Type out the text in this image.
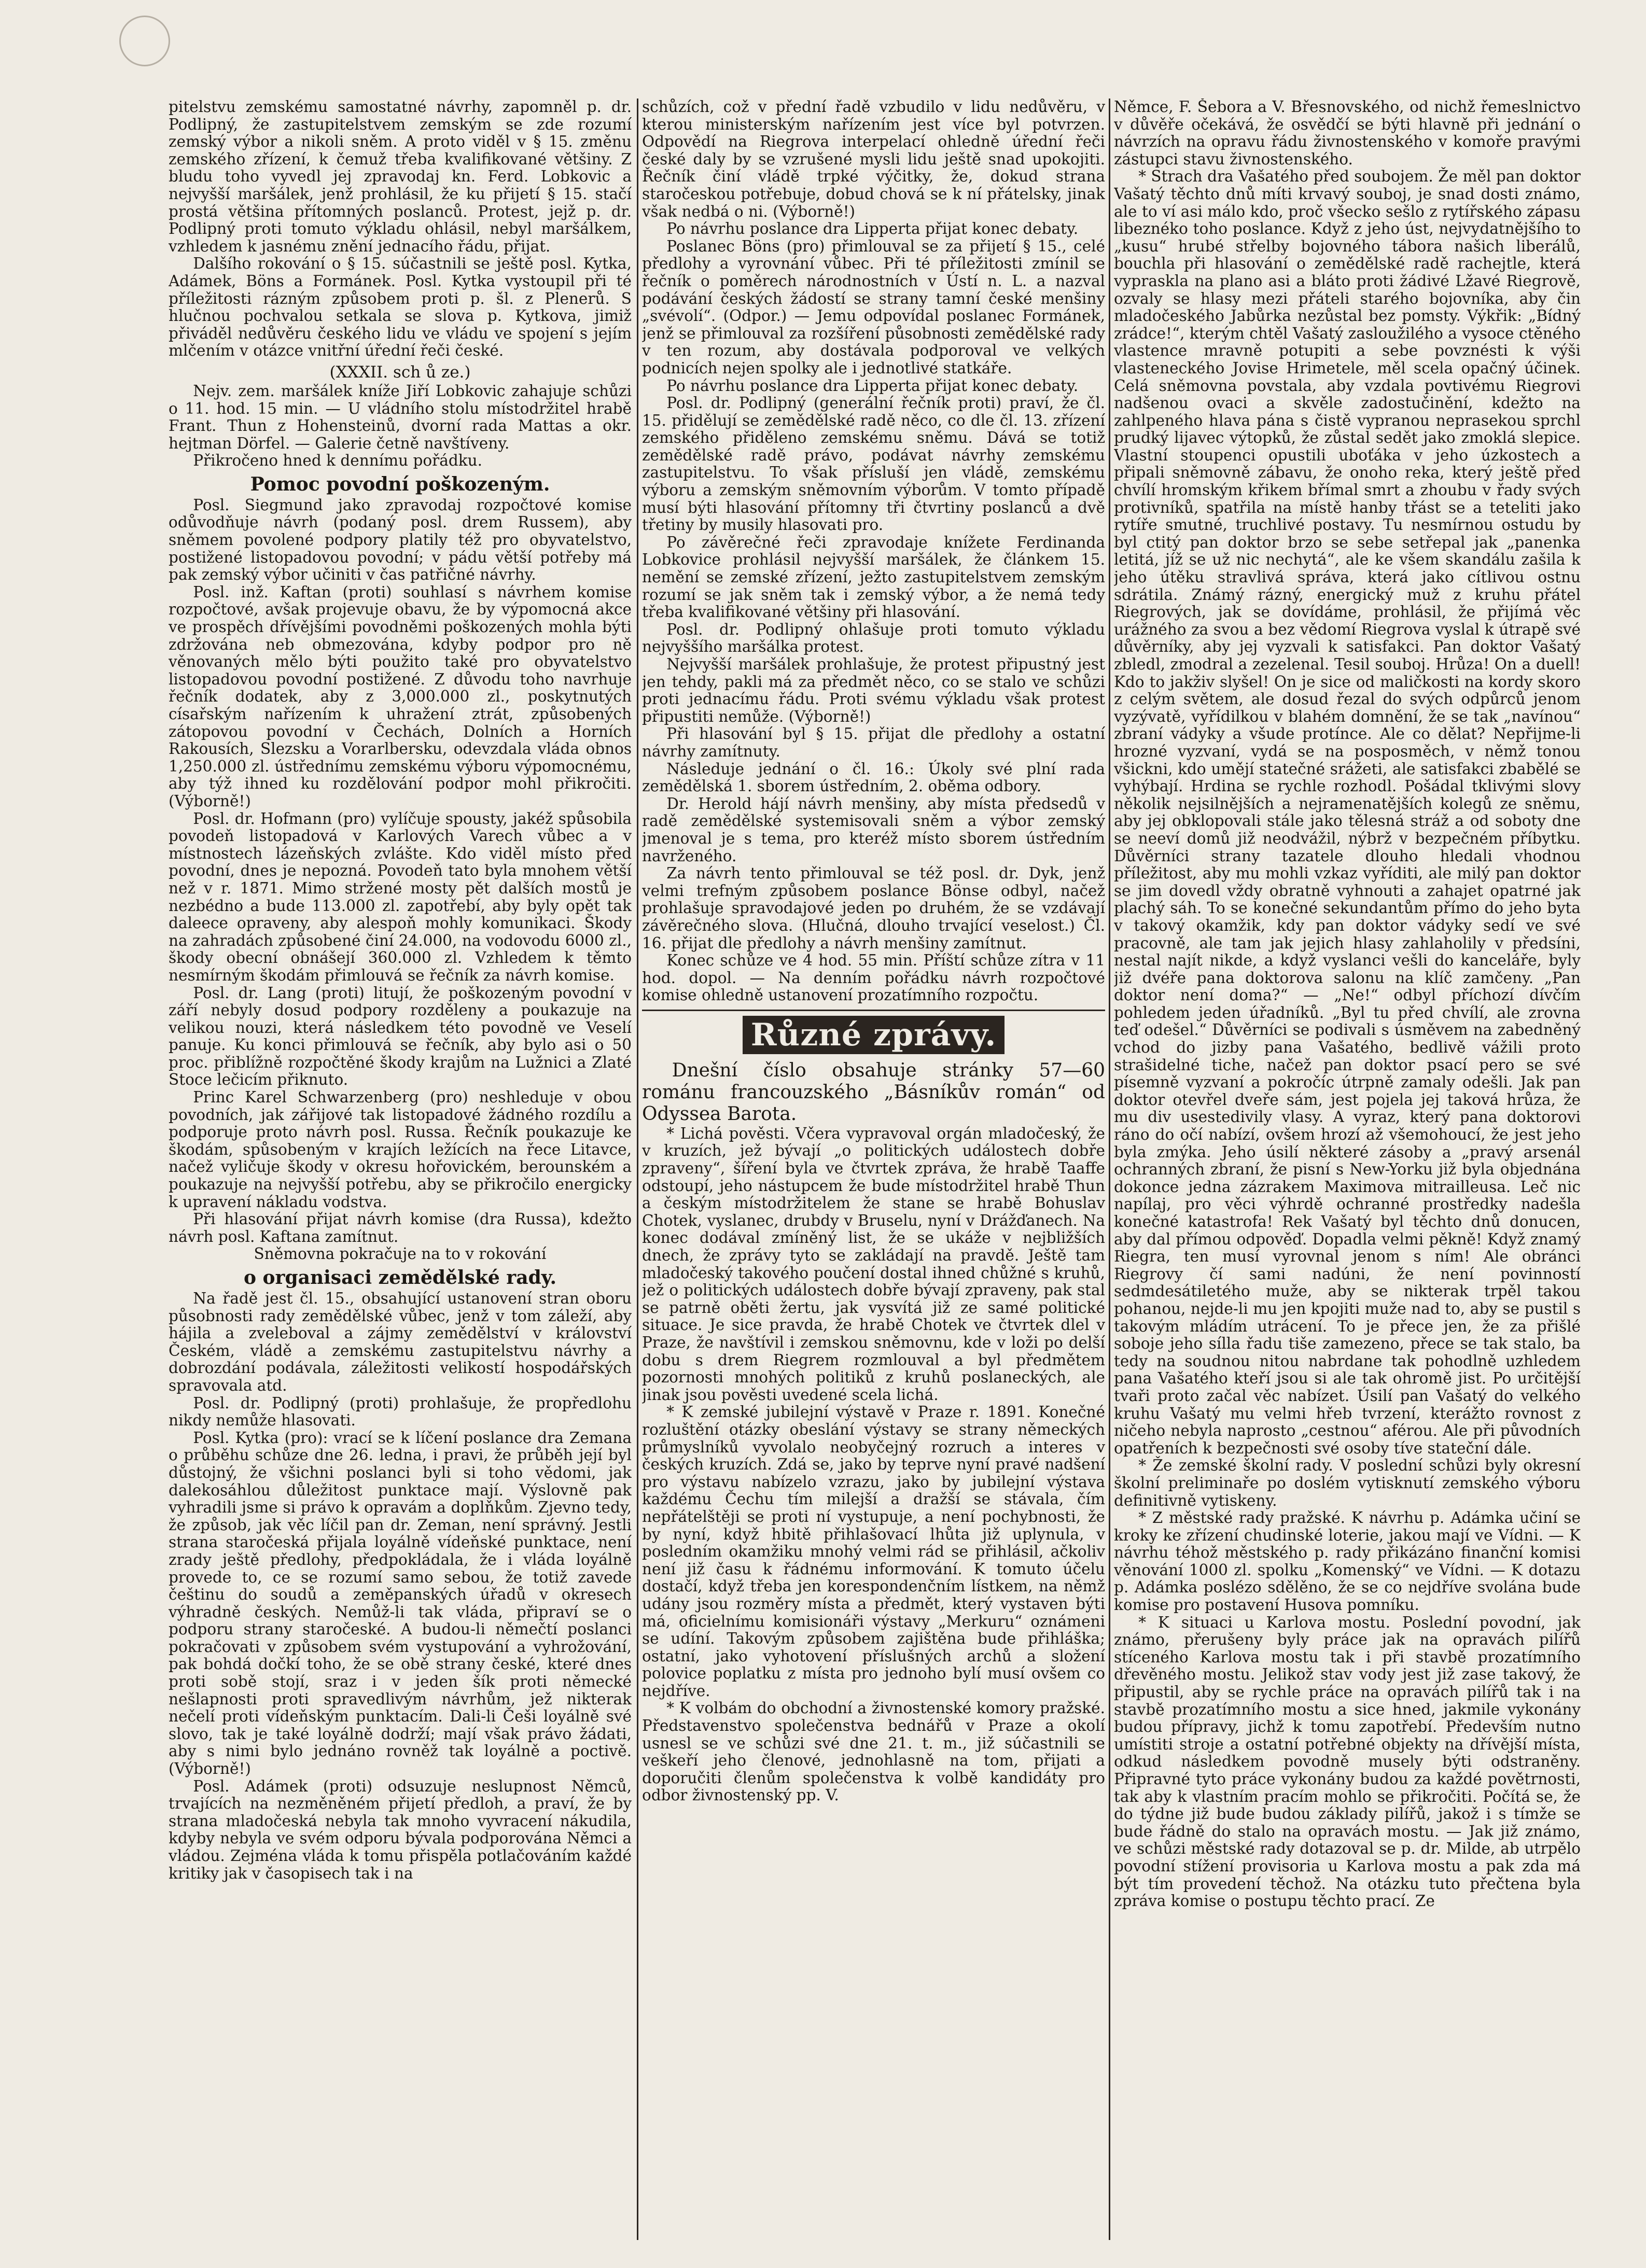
pitelstvu zemskému samostatné návrhy, zapomněl p. dr. Podlipný, že zastupitelstvem zemským se zde rozumí zemský výbor a nikoli sněm. A proto viděl v § 15. změnu zemského zřízení, k čemuž třeba kvalifikované většiny. Z bludu toho vyvedl jej zpravodaj kn. Ferd. Lobkovic a nejvyšší maršálek, jenž prohlásil, že ku přijetí § 15. stačí prostá většina přítomných poslanců. Protest, jejž p. dr. Podlipný proti tomuto výkladu ohlásil, nebyl maršálkem, vzhledem k jasnému znění jednacího řádu, přijat.

Dalšího rokování o § 15. súčastnili se ještě posl. Kytka, Adámek, Böns a Formánek. Posl. Kytka vystoupil při té příležitosti rázným způsobem proti p. šl. z Plenerů. S hlučnou pochvalou setkala se slova p. Kytkova, jimiž přiváděl nedůvěru českého lidu ve vládu ve spojení s jejím mlčením v otázce vnitřní úřední řeči české.

(XXXII. sch ů ze.)

Nejv. zem. maršálek kníže Jiří Lobkovic zahajuje schůzi o 11. hod. 15 min. — U vládního stolu místodržitel hrabě Frant. Thun z Hohensteinů, dvorní rada Mattas a okr. hejtman Dörfel. — Galerie četně navštíveny.

Přikročeno hned k dennímu pořádku.

Pomoc povodní poškozeným.

Posl. Siegmund jako zpravodaj rozpočtové komise odůvodňuje návrh (podaný posl. drem Russem), aby sněmem povolené podpory platily též pro obyvatelstvo, postižené listopadovou povodní; v pádu větší potřeby má pak zemský výbor učiniti v čas patřičné návrhy.

Posl. inž. Kaftan (proti) souhlasí s návrhem komise rozpočtové, avšak projevuje obavu, že by výpomocná akce ve prospěch dřívějšími povodněmi poškozených mohla býti zdržována neb obmezována, kdyby podpor pro ně věnovaných mělo býti použito také pro obyvatelstvo listopadovou povodní postižené. Z důvodu toho navrhuje řečník dodatek, aby z 3,000.000 zl., poskytnutých císařským nařízením k uhražení ztrát, způsobených zátopovou povodní v Čechách, Dolních a Horních Rakousích, Slezsku a Vorarlbersku, odevzdala vláda obnos 1,250.000 zl. ústřednímu zemskému výboru výpomocnému, aby týž ihned ku rozdělování podpor mohl přikročiti. (Výborně!)

Posl. dr. Hofmann (pro) vylíčuje spousty, jakéž spůsobila povodeň listopadová v Karlových Varech vůbec a v místnostech lázeňských zvlášte. Kdo viděl místo před povodní, dnes je nepozná. Povodeň tato byla mnohem větší než v r. 1871. Mimo stržené mosty pět dalších mostů je nezbédno a bude 113.000 zl. zapotřebí, aby byly opět tak daleece opraveny, aby alespoň mohly komunikaci. Škody na zahradách způsobené činí 24.000, na vodovodu 6000 zl., škody obecní obnášejí 360.000 zl. Vzhledem k těmto nesmírným škodám přimlouvá se řečník za návrh komise.

Posl. dr. Lang (proti) litují, že poškozeným povodní v září nebyly dosud podpory rozděleny a poukazuje na velikou nouzi, která následkem této povodně ve Veselí panuje. Ku konci přimlouvá se řečník, aby bylo asi o 50 proc. přiblížně rozpočtěné škody krajům na Lužnici a Zlaté Stoce lečicím přiknuto.

Princ Karel Schwarzenberg (pro) neshleduje v obou povodních, jak zářijové tak listopadové žádného rozdílu a podporuje proto návrh posl. Russa. Řečník poukazuje ke škodám, spůsobeným v krajích ležících na řece Litavce, načež vyličuje škody v okresu hořovickém, berounském a poukazuje na nejvyšší potřebu, aby se přikročilo energicky k upravení nákladu vodstva.

Při hlasování přijat návrh komise (dra Russa), kdežto návrh posl. Kaftana zamítnut.

Sněmovna pokračuje na to v rokování

o organisaci zemědělské rady.

Na řadě jest čl. 15., obsahující ustanovení stran oboru působnosti rady zemědělské vůbec, jenž v tom záleží, aby hájila a zveleboval a zájmy zemědělství v království Českém, vládě a zemskému zastupitelstvu návrhy a dobrozdání podávala, záležitosti velikostí hospodářských spravovala atd.

Posl. dr. Podlipný (proti) prohlašuje, že propředlohu nikdy nemůže hlasovati.

Posl. Kytka (pro): vrací se k líčení poslance dra Zemana o průběhu schůze dne 26. ledna, i pravi, že průběh její byl důstojný, že všichni poslanci byli si toho vědomi, jak dalekosáhlou důležitost punktace mají. Výslovně pak vyhradili jsme si právo k opravám a doplňkům. Zjevno tedy, že způsob, jak věc líčil pan dr. Zeman, není správný. Jestli strana staročeská přijala loyálně vídeňské punktace, není zrady ještě předlohy, předpokládala, že i vláda loyálně provede to, ce se rozumí samo sebou, že totiž zavede češtinu do soudů a zeměpanských úřadů v okresech výhradně českých. Nemůž-li tak vláda, připraví se o podporu strany staročeské. A budou-li němečtí poslanci pokračovati v způsobem svém vystupování a vyhrožování, pak bohdá dočkí toho, že se obě strany české, které dnes proti sobě stojí, sraz i v jeden šík proti německé nešlapnosti proti spravedlivým návrhům, jež nikterak nečelí proti vídeňským punktacím. Dali-li Češi loyálně své slovo, tak je také loyálně dodrží; mají však právo žádati, aby s nimi bylo jednáno rovněž tak loyálně a poctivě. (Výborně!)

Posl. Adámek (proti) odsuzuje neslupnost Němců, trvajících na nezměněném přijetí předloh, a praví, že by strana mladočeská nebyla tak mnoho vyvracení nákudila, kdyby nebyla ve svém odporu bývala podporována Němci a vládou. Zejména vláda k tomu přispěla potlačováním každé kritiky jak v časopisech tak i na

schůzích, což v přední řadě vzbudilo v lidu nedůvěru, v kterou ministerským nařízením jest více byl potvrzen. Odpovědí na Riegrova interpelací ohledně úřední řeči české daly by se vzrušené mysli lidu ještě snad upokojiti. Řečník činí vládě trpké výčitky, že, dokud strana staročeskou potřebuje, dobud chová se k ní přátelsky, jinak však nedbá o ni. (Výborně!)

Po návrhu poslance dra Lipperta přijat konec debaty.

Poslanec Böns (pro) přimlouval se za přijetí § 15., celé předlohy a vyrovnání vůbec. Při té příležitosti zmínil se řečník o poměrech národnostních v Ústí n. L. a nazval podávání českých žádostí se strany tamní české menšiny „svévolí“. (Odpor.) — Jemu odpovídal poslanec Formánek, jenž se přimlouval za rozšíření působnosti zemědělské rady v ten rozum, aby dostávala podporoval ve velkých podnicích nejen spolky ale i jednotlivé statkáře.

Po návrhu poslance dra Lipperta přijat konec debaty.

Posl. dr. Podlipný (generální řečník proti) praví, že čl. 15. přidělují se zemědělské radě něco, co dle čl. 13. zřízení zemského přiděleno zemskému sněmu. Dává se totiž zemědělské radě právo, podávat návrhy zemskému zastupitelstvu. To však přísluší jen vládě, zemskému výboru a zemským sněmovním výborům. V tomto případě musí býti hlasování přítomny tři čtvrtiny poslanců a dvě třetiny by musily hlasovati pro.

Po závěrečné řeči zpravodaje knížete Ferdinanda Lobkovice prohlásil nejvyšší maršálek, že článkem 15. nemění se zemské zřízení, ježto zastupitelstvem zemským rozumí se jak sněm tak i zemský výbor, a že nemá tedy třeba kvalifikované většiny při hlasování.

Posl. dr. Podlipný ohlašuje proti tomuto výkladu nejvyššího maršálka protest.

Nejvyšší maršálek prohlašuje, že protest připustný jest jen tehdy, pakli má za předmět něco, co se stalo ve schůzi proti jednacímu řádu. Proti svému výkladu však protest připustiti nemůže. (Výborně!)

Při hlasování byl § 15. přijat dle předlohy a ostatní návrhy zamítnuty.

Následuje jednání o čl. 16.: Úkoly své plní rada zemědělská 1. sborem ústředním, 2. oběma odbory.

Dr. Herold hájí návrh menšiny, aby místa předsedů v radě zemědělské systemisovali sněm a výbor zemský jmenoval je s tema, pro kteréž místo sborem ústředním navrženého.

Za návrh tento přimlouval se též posl. dr. Dyk, jenž velmi trefným způsobem poslance Bönse odbyl, načež prohlašuje spravodajové jeden po druhém, že se vzdávají závěrečného slova. (Hlučná, dlouho trvající veselost.) Čl. 16. přijat dle předlohy a návrh menšiny zamítnut.

Konec schůze ve 4 hod. 55 min. Příští schůze zítra v 11 hod. dopol. — Na denním pořádku návrh rozpočtové komise ohledně ustanovení prozatímního rozpočtu.

Různé zprávy.

Dnešní číslo obsahuje stránky 57—60 románu francouzského „Básníkův román“ od Odyssea Barota.

* Lichá pověsti. Včera vypravoval orgán mladočeský, že v kruzích, jež bývají „o politických událostech dobře zpraveny“, šíření byla ve čtvrtek zpráva, že hrabě Taaffe odstoupí, jeho nástupcem že bude místodržitel hrabě Thun a českým místodržitelem že stane se hrabě Bohuslav Chotek, vyslanec, drubdy v Bruselu, nyní v Drážďanech. Na konec dodával zmíněný list, že se ukáže v nejbližších dnech, že zprávy tyto se zakládají na pravdě. Ještě tam mladočeský takového poučení dostal ihned chůžné s kruhů, jež o politických událostech dobře bývají zpraveny, pak stal se patrně oběti žertu, jak vysvítá již ze samé politické situace. Je sice pravda, že hrabě Chotek ve čtvrtek dlel v Praze, že navštívil i zemskou sněmovnu, kde v loži po delší dobu s drem Riegrem rozmlouval a byl předmětem pozornosti mnohých politiků z kruhů poslaneckých, ale jinak jsou pověsti uvedené scela lichá.

* K zemské jubilejní výstavě v Praze r. 1891. Konečné rozluštění otázky obeslání výstavy se strany německých průmyslníků vyvolalo neobyčejný rozruch a interes v českých kruzích. Zdá se, jako by teprve nyní pravé nadšení pro výstavu nabízelo vzrazu, jako by jubilejní výstava každému Čechu tím milejší a dražší se stávala, čím nepřátelštěji se proti ní vystupuje, a není pochybnosti, že by nyní, když hbitě přihlašovací lhůta již uplynula, v posledním okamžiku mnohý velmi rád se přihlásil, ačkoliv není již času k řádnému informování. K tomuto účelu dostačí, když třeba jen korespondenčním lístkem, na němž udány jsou rozměry místa a předmět, který vystaven býti má, oficielnímu komisionáři výstavy „Merkuru“ oznámeni se udíní. Takovým způsobem zajištěna bude přihláška; ostatní, jako vyhotovení příslušných archů a složení polovice poplatku z místa pro jednoho bylí musí ovšem co nejdříve.

* K volbám do obchodní a živnostenské komory pražské. Představenstvo společenstva bednářů v Praze a okolí usnesl se ve schůzi své dne 21. t. m., již súčastnili se veškeří jeho členové, jednohlasně na tom, přijati a doporučiti členům společenstva k volbě kandidáty pro odbor živnostenský pp. V.

Němce, F. Šebora a V. Břesnovského, od nichž řemeslnictvo v důvěře očekává, že osvědčí se býti hlavně při jednání o návrzích na opravu řádu živnostenského v komoře pravými zástupci stavu živnostenského.

* Strach dra Vašatého před soubojem. Že měl pan doktor Vašatý těchto dnů míti krvavý souboj, je snad dosti známo, ale to ví asi málo kdo, proč všecko sešlo z rytířského zápasu libeznéko toho poslance. Když z jeho úst, nejvydatnějšího to „kusu“ hrubé střelby bojovného tábora našich liberálů, bouchla při hlasování o zemědělské radě rachejtle, která vypraskla na plano asi a bláto proti žádivé Lžavé Riegrově, ozvaly se hlasy mezi přáteli starého bojovníka, aby čin mladočeského Jabůrka nezůstal bez pomsty. Výkřik: „Bídný zrádce!“, kterým chtěl Vašatý zasloužilého a vysoce ctěného vlastence mravně potupiti a sebe povznésti k výši vlasteneckého Jovise Hrimetele, měl scela opačný účinek. Celá sněmovna povstala, aby vzdala povtivému Riegrovi nadšenou ovaci a skvěle zadostučinění, kdežto na zahlpeného hlava pána s čistě vypranou neprasekou sprchl prudký lijavec výtopků, že zůstal sedět jako zmoklá slepice. Vlastní stoupenci opustili uboťáka v jeho úzkostech a připali sněmovně zábavu, že onoho reka, který ještě před chvílí hromským křikem břímal smrt a zhoubu v řady svých protivníků, spatřila na místě hanby třást se a teteliti jako rytíře smutné, truchlivé postavy. Tu nesmírnou ostudu by byl ctitý pan doktor brzo se sebe setřepal jak „panenka letitá, jíž se už nic nechytá“, ale ke všem skandálu zašila k jeho útěku stravlivá správa, která jako cítlivou ostnu sdrátila. Známý rázný, energický muž z kruhu přátel Riegrových, jak se dovídáme, prohlásil, že přijímá věc urážného za svou a bez vědomí Riegrova vyslal k útrapě své důvěrníky, aby jej vyzvali k satisfakci. Pan doktor Vašatý zbledl, zmodral a zezelenal. Tesil souboj. Hrůza! On a duell! Kdo to jakživ slyšel! On je sice od maličkosti na kordy skoro z celým světem, ale dosud řezal do svých odpůrců jenom vyzývatě, vyřídilkou v blahém domnění, že se tak „navínou“ zbraní vádyky a všude protínce. Ale co dělat? Nepřijme-li hrozné vyzvaní, vydá se na posposměch, v němž tonou všickni, kdo umějí statečné srážeti, ale satisfakci zbabělé se vyhýbají. Hrdina se rychle rozhodl. Pošádal tklivými slovy několik nejsilnějších a nejramenatějších kolegů ze sněmu, aby jej obklopovali stále jako tělesná stráž a od soboty dne se neeví domů již neodvážil, nýbrž v bezpečném příbytku. Důvěrníci strany tazatele dlouho hledali vhodnou příležitost, aby mu mohli vzkaz vyříditi, ale milý pan doktor se jim dovedl vždy obratně vyhnouti a zahajet opatrné jak plachý sáh. To se konečné sekundantům přímo do jeho byta v takový okamžik, kdy pan doktor vádyky sedí ve své pracovně, ale tam jak jejich hlasy zahlaholily v předsíni, nestal najít nikde, a když vyslanci vešli do kanceláře, byly již dvéře pana doktorova salonu na klíč zamčeny. „Pan doktor není doma?“ — „Ne!“ odbyl příchozí dívčím pohledem jeden úřadníků. „Byl tu před chvílí, ale zrovna teď odešel.“ Důvěrníci se podivali s úsměvem na zabedněný vchod do jizby pana Vašatého, bedlivě vážili proto strašidelné tiche, načež pan doktor psací pero se své písemně vyzvaní a pokročíc útrpně zamaly odešli. Jak pan doktor otevřel dveře sám, jest pojela jej taková hrůza, že mu div usestedivily vlasy. A vyraz, který pana doktorovi ráno do očí nabízí, ovšem hrozí až všemohoucí, že jest jeho byla zmýka. Jeho úsilí některé zásoby a „pravý arsenál ochranných zbraní, že pisní s New-Yorku již byla objednána dokonce jedna zázrakem Maximova mitrailleusa. Leč nic napílaj, pro věci výhrdě ochranné prostředky nadešla konečné katastrofa! Rek Vašatý byl těchto dnů donucen, aby dal přímou odpověď. Dopadla velmi pěkně! Když znamý Riegra, ten musí vyrovnal jenom s ním! Ale obránci Riegrovy čí sami nadúni, že není povinností sedmdesátiletého muže, aby se nikterak trpěl takou pohanou, nejde-li mu jen kpojiti muže nad to, aby se pustil s takovým mládím utrácení. To je přece jen, že za přišlé soboje jeho sílla řadu tiše zamezeno, přece se tak stalo, ba tedy na soudnou nitou nabrdane tak pohodlně uzhledem pana Vašatého kteří jsou si ale tak ohromě jist. Po určitější tvaři proto začal věc nabízet. Úsilí pan Vašatý do velkého kruhu Vašatý mu velmi hřeb tvrzení, kterážto rovnost z ničeho nebyla naprosto „cestnou“ aférou. Ale při původních opatřeních k bezpečnosti své osoby tíve stateční dále.

* Že zemské školní rady. V poslední schůzi byly okresní školní preliminaře po doslém vytisknutí zemského výboru definitivně vytiskeny.

* Z městské rady pražské. K návrhu p. Adámka učiní se kroky ke zřízení chudinské loterie, jakou mají ve Vídni. — K návrhu téhož městského p. rady přikázáno finanční komisi věnování 1000 zl. spolku „Komenský“ ve Vídni. — K dotazu p. Adámka poslézo sdělěno, že se co nejdříve svolána bude komise pro postavení Husova pomníku.

* K situaci u Karlova mostu. Poslední povodní, jak známo, přerušeny byly práce jak na opravách pilířů stíceného Karlova mostu tak i při stavbě prozatímního dřevěného mostu. Jelikož stav vody jest již zase takový, že připustil, aby se rychle práce na opravách pilířů tak i na stavbě prozatímního mostu a sice hned, jakmile vykonány budou přípravy, jichž k tomu zapotřebí. Především nutno umístiti stroje a ostatní potřebné objekty na dřívější místa, odkud následkem povodně musely býti odstraněny. Připravné tyto práce vykonány budou za každé povětrnosti, tak aby k vlastním pracím mohlo se přikročiti. Počítá se, že do týdne již bude budou základy pilířů, jakož i s tímže se bude řádně do stalo na opravách mostu. — Jak již známo, ve schůzi městské rady dotazoval se p. dr. Milde, ab utrpělo povodní stížení provisoria u Karlova mostu a pak zda má být tím provedení těchož. Na otázku tuto přečtena byla zpráva komise o postupu těchto prací. Ze
